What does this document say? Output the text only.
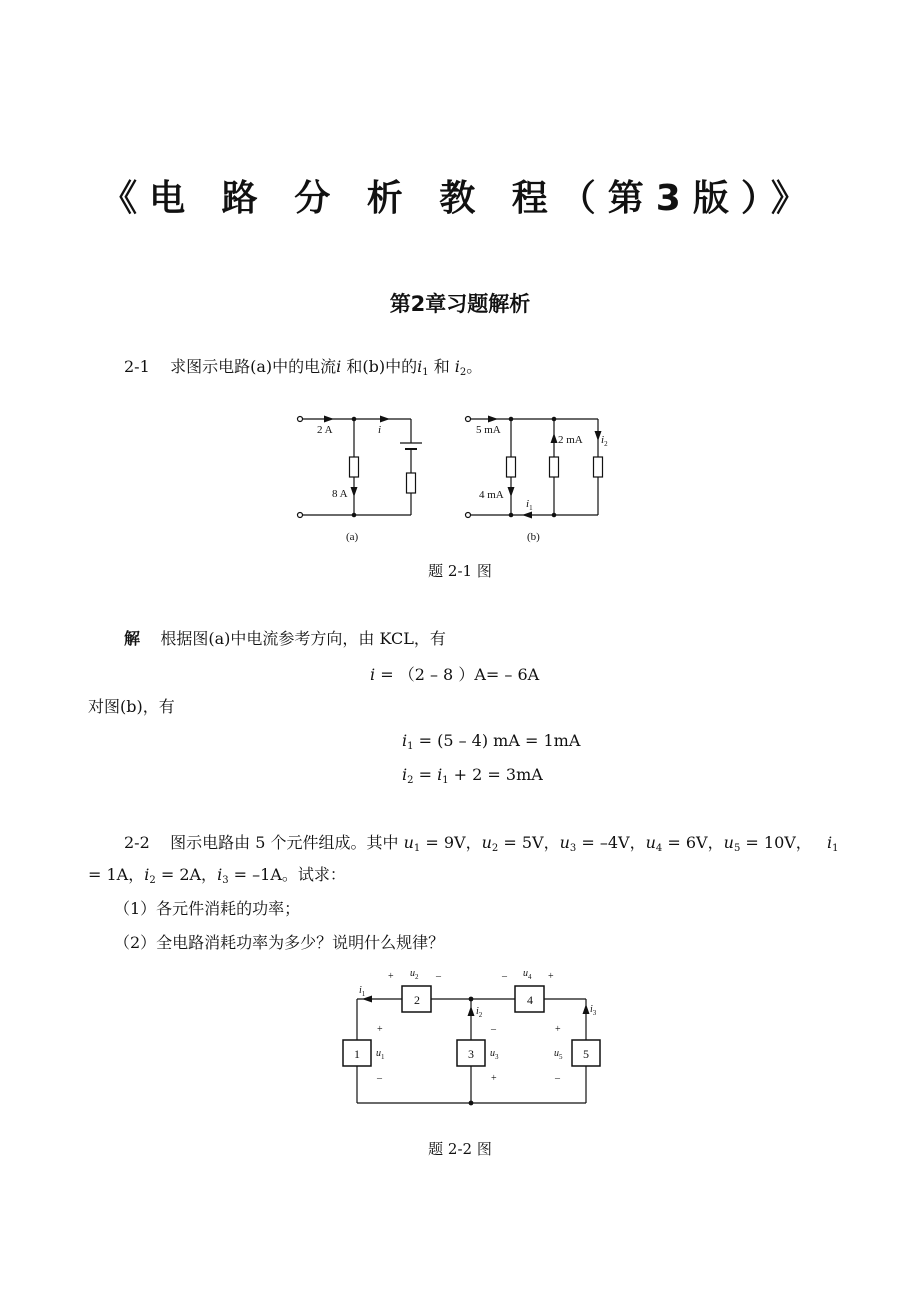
《电 路 分 析 教 程（第3版）》
第2章习题解析
2-1 求图示电路(a)中的电流i 和(b)中的$i_1$ 和 $i_2$。
2 A	i
8 A
(a)
5 mA
2 mA $i_2$
4 mA
$i_1$
(b)
题 2-1 图
解 根据图(a)中电流参考方向，由 KCL，有
i = （2 – 8 ）A= – 6A
对图(b)，有
$i_1 = (5 - 4)$ mA = 1mA
$i_2 = i_1 + 2 = 3mA$
2-2 图示电路由 5 个元件组成。其中 $u_1 = 9V$，$u_2 = 5V$，$u_3 = -4V$，$u_4 = 6V$，$u_5 = 10V$， $i_1$
= 1A，$i_2 = 2A$，$i_3 = -1A$。试求：
（1）各元件消耗的功率；
（2）全电路消耗功率为多少？说明什么规律？
2	4
1	3	5
+ $u_2$ –	– $u_4$ +
$i_1$
$i_2$	$i_3$
+
$u_1$
–
–
$u_3$
+
+
$u_5$
–
题 2-2 图
